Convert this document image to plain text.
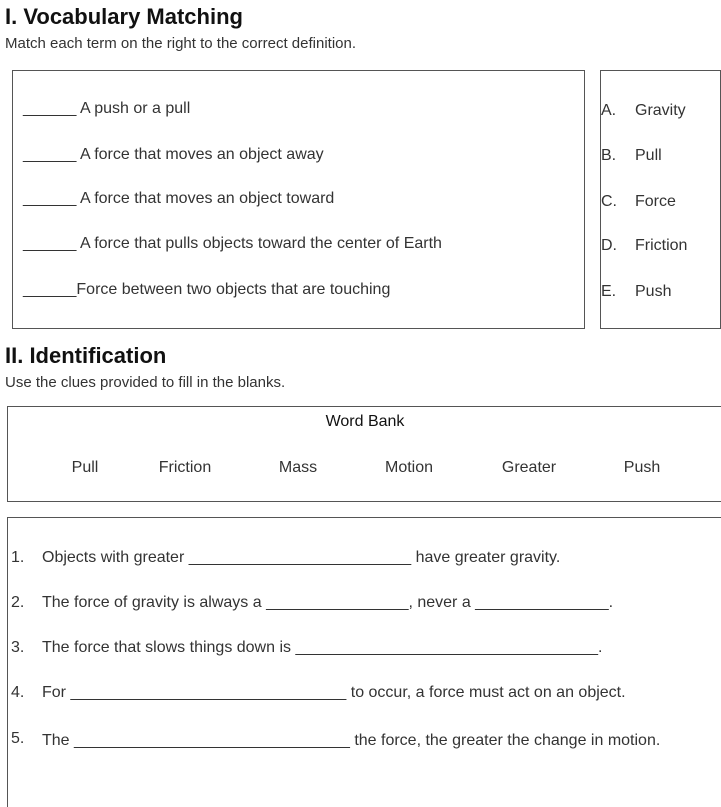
I. Vocabulary Matching
Match each term on the right to the correct definition.
______ A push or a pull
______ A force that moves an object away
______ A force that moves an object toward
______ A force that pulls objects toward the center of Earth
______Force between two objects that are touching
A. Gravity
B. Pull
C. Force
D. Friction
E. Push
II. Identification
Use the clues provided to fill in the blanks.
Word Bank
Pull	Friction	Mass	Motion	Greater	Push
1. Objects with greater _________________________ have greater gravity.
2. The force of gravity is always a ________________, never a _______________.
3. The force that slows things down is __________________________________.
4. For _______________________________ to occur, a force must act on an object.
5. The _______________________________ the force, the greater the change in motion.
